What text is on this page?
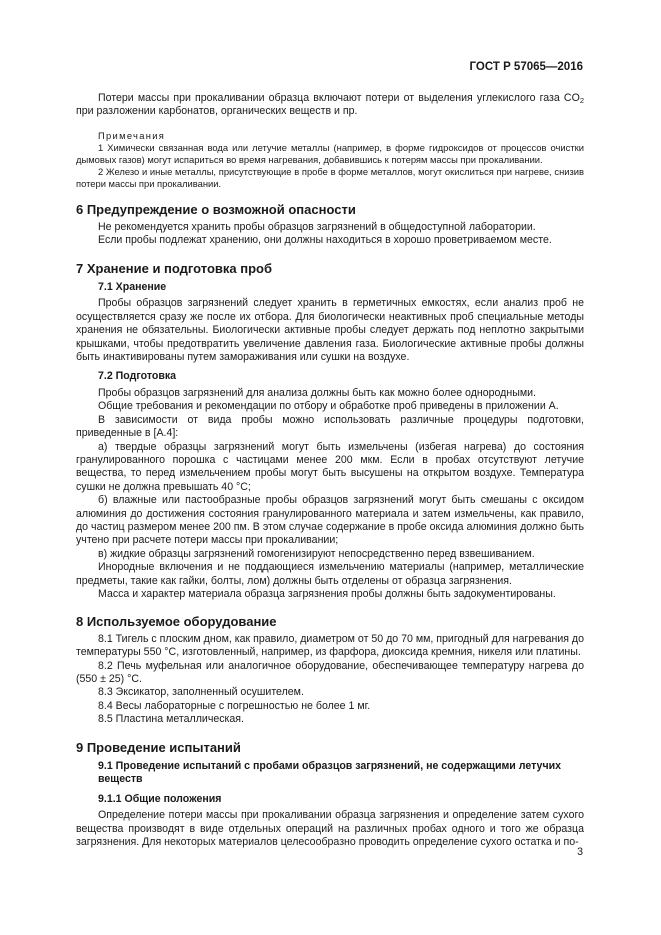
ГОСТ Р 57065—2016

Потери массы при прокаливании образца включают потери от выделения углекислого газа $CO_2$ при разложении карбонатов, органических веществ и пр.

Примечания

1 Химически связанная вода или летучие металлы (например, в форме гидроксидов от процессов очистки дымовых газов) могут испариться во время нагревания, добавившись к потерям массы при прокаливании.

2 Железо и иные металлы, присутствующие в пробе в форме металлов, могут окислиться при нагреве, снизив потери массы при прокаливании.

6 Предупреждение о возможной опасности

Не рекомендуется хранить пробы образцов загрязнений в общедоступной лаборатории.

Если пробы подлежат хранению, они должны находиться в хорошо проветриваемом месте.

7 Хранение и подготовка проб
7.1 Хранение

Пробы образцов загрязнений следует хранить в герметичных емкостях, если анализ проб не осуществляется сразу же после их отбора. Для биологически неактивных проб специальные методы хранения не обязательны. Биологически активные пробы следует держать под неплотно закрытыми крышками, чтобы предотвратить увеличение давления газа. Биологические активные пробы должны быть инактивированы путем замораживания или сушки на воздухе.

7.2 Подготовка

Пробы образцов загрязнений для анализа должны быть как можно более однородными.

Общие требования и рекомендации по отбору и обработке проб приведены в приложении А.

В зависимости от вида пробы можно использовать различные процедуры подготовки, приведенные в [A.4]:

а) твердые образцы загрязнений могут быть измельчены (избегая нагрева) до состояния гранулированного порошка с частицами менее 200 мкм. Если в пробах отсутствуют летучие вещества, то перед измельчением пробы могут быть высушены на открытом воздухе. Температура сушки не должна превышать 40 °С;

б) влажные или пастообразные пробы образцов загрязнений могут быть смешаны с оксидом алюминия до достижения состояния гранулированного материала и затем измельчены, как правило, до частиц размером менее 200 пм. В этом случае содержание в пробе оксида алюминия должно быть учтено при расчете потери массы при прокаливании;

в) жидкие образцы загрязнений гомогенизируют непосредственно перед взвешиванием.

Инородные включения и не поддающиеся измельчению материалы (например, металлические предметы, такие как гайки, болты, лом) должны быть отделены от образца загрязнения.

Масса и характер материала образца загрязнения пробы должны быть задокументированы.

8 Используемое оборудование

8.1 Тигель с плоским дном, как правило, диаметром от 50 до 70 мм, пригодный для нагревания до температуры 550 °С, изготовленный, например, из фарфора, диоксида кремния, никеля или платины.

8.2 Печь муфельная или аналогичное оборудование, обеспечивающее температуру нагрева до (550 ± 25) °С.

8.3 Эксикатор, заполненный осушителем.

8.4 Весы лабораторные с погрешностью не более 1 мг.

8.5 Пластина металлическая.

9 Проведение испытаний
9.1 Проведение испытаний с пробами образцов загрязнений, не содержащими летучих веществ
9.1.1 Общие положения

Определение потери массы при прокаливании образца загрязнения и определение затем сухого вещества производят в виде отдельных операций на различных пробах одного и того же образца загрязнения. Для некоторых материалов целесообразно проводить определение сухого остатка и по-

3
